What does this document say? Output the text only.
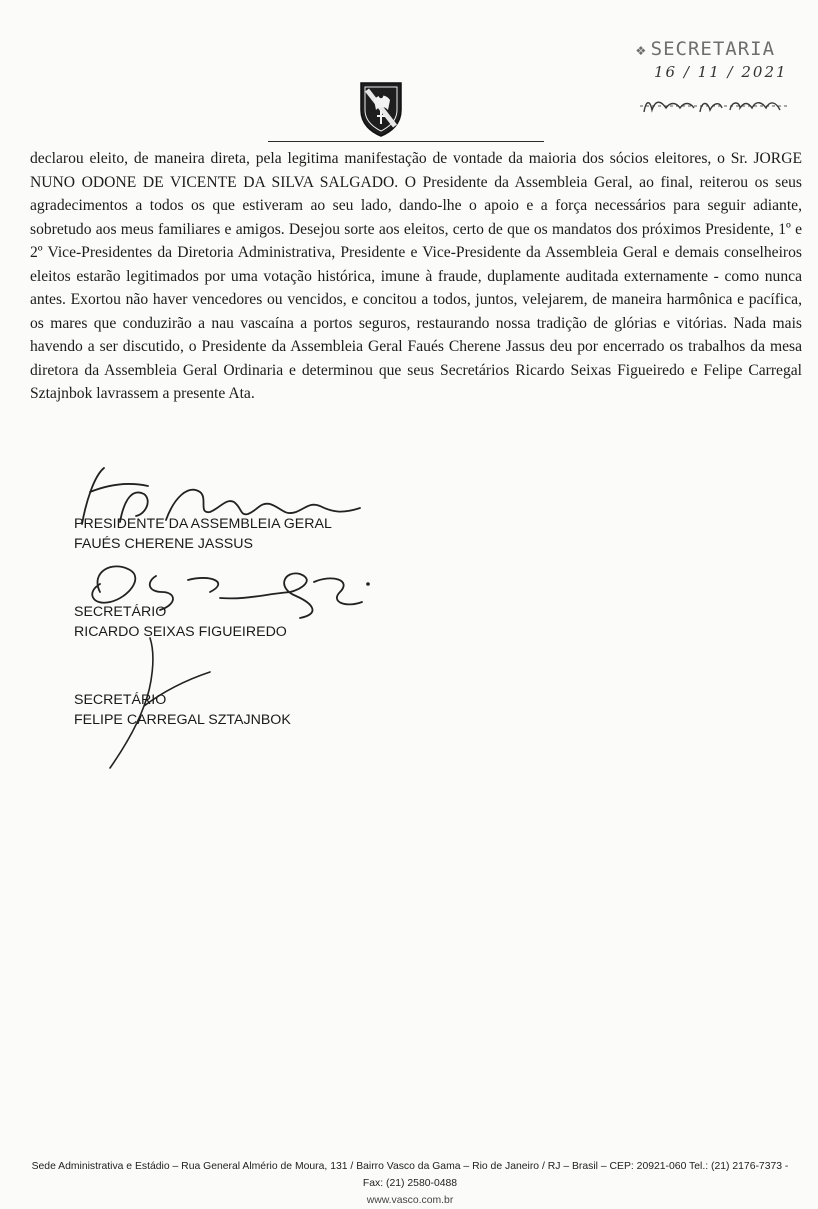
❖ SECRETARIA
16 / 11 / 2021
declarou eleito, de maneira direta, pela legitima manifestação de vontade da maioria dos sócios eleitores, o Sr. JORGE NUNO ODONE DE VICENTE DA SILVA SALGADO. O Presidente da Assembleia Geral, ao final, reiterou os seus agradecimentos a todos os que estiveram ao seu lado, dando-lhe o apoio e a força necessários para seguir adiante, sobretudo aos meus familiares e amigos. Desejou sorte aos eleitos, certo de que os mandatos dos próximos Presidente, 1º e 2º Vice-Presidentes da Diretoria Administrativa, Presidente e Vice-Presidente da Assembleia Geral e demais conselheiros eleitos estarão legitimados por uma votação histórica, imune à fraude, duplamente auditada externamente - como nunca antes. Exortou não haver vencedores ou vencidos, e concitou a todos, juntos, velejarem, de maneira harmônica e pacífica, os mares que conduzirão a nau vascaína a portos seguros, restaurando nossa tradição de glórias e vitórias. Nada mais havendo a ser discutido, o Presidente da Assembleia Geral Faués Cherene Jassus deu por encerrado os trabalhos da mesa diretora da Assembleia Geral Ordinaria e determinou que seus Secretários Ricardo Seixas Figueiredo e Felipe Carregal Sztajnbok lavrassem a presente Ata.
PRESIDENTE DA ASSEMBLEIA GERAL
FAUÉS CHERENE JASSUS
SECRETÁRIO
RICARDO SEIXAS FIGUEIREDO
SECRETÁRIO
FELIPE CARREGAL SZTAJNBOK
Sede Administrativa e Estádio – Rua General Almério de Moura, 131 / Bairro Vasco da Gama – Rio de Janeiro / RJ – Brasil – CEP: 20921-060 Tel.: (21) 2176-7373 - Fax: (21) 2580-0488
www.vasco.com.br
